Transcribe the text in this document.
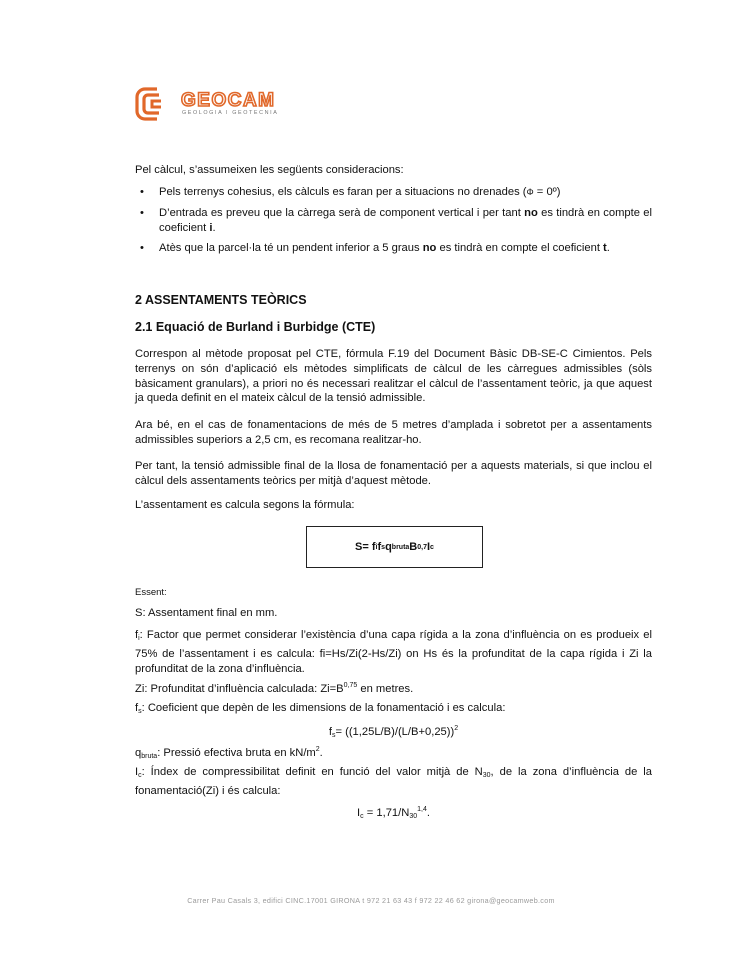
GEOCAM
GEOLOGIA I GEOTECNIA

Pel càlcul, s’assumeixen les següents consideracions:

• Pels terrenys cohesius, els càlculs es faran per a situacions no drenades (Φ = 0º)
• D’entrada es preveu que la càrrega serà de component vertical i per tant no es tindrà en compte el coeficient i.
• Atès que la parcel·la té un pendent inferior a 5 graus no es tindrà en compte el coeficient t.
2 ASSENTAMENTS TEÒRICS
2.1 Equació de Burland i Burbidge (CTE)

Correspon al mètode proposat pel CTE, fórmula F.19 del Document Bàsic DB-SE-C Cimientos. Pels terrenys on són d’aplicació els mètodes simplificats de càlcul de les càrregues admissibles (sòls bàsicament granulars), a priori no és necessari realitzar el càlcul de l’assentament teòric, ja que aquest ja queda definit en el mateix càlcul de la tensió admissible.

Ara bé, en el cas de fonamentacions de més de 5 metres d’amplada i sobretot per a assentaments admissibles superiors a 2,5 cm, es recomana realitzar-ho.

Per tant, la tensió admissible final de la llosa de fonamentació per a aquests materials, si que inclou el càlcul dels assentaments teòrics per mitjà d’aquest mètode.

L’assentament es calcula segons la fórmula:

S= f i f s q bruta B 0,7 I c

Essent:

S: Assentament final en mm.

$f_i$: Factor que permet considerar l’existència d’una capa rígida a la zona d’influència on es produeix el 75% de l’assentament i es calcula: fi=Hs/Zi(2-Hs/Zi) on Hs és la profunditat de la capa rígida i Zi la profunditat de la zona d’influència.

Zi: Profunditat d’influència calculada: $Zi=B^{0,75}$ en metres.

$f_s$: Coeficient que depèn de les dimensions de la fonamentació i es calcula:

$f_s= ((1,25L/B)/(L/B+0,25))^2$

$q_{bruta}$: Pressió efectiva bruta en $kN/m^2$.

$I_c$: Índex de compressibilitat definit en funció del valor mitjà de $N_{30}$, de la zona d’influència de la fonamentació(Zi) i és calcula:

$I_c = 1,71/N_{30}^{1,4}$.

Carrer Pau Casals 3, edifici CINC.17001 GIRONA t 972 21 63 43 f 972 22 46 62 girona@geocamweb.com
